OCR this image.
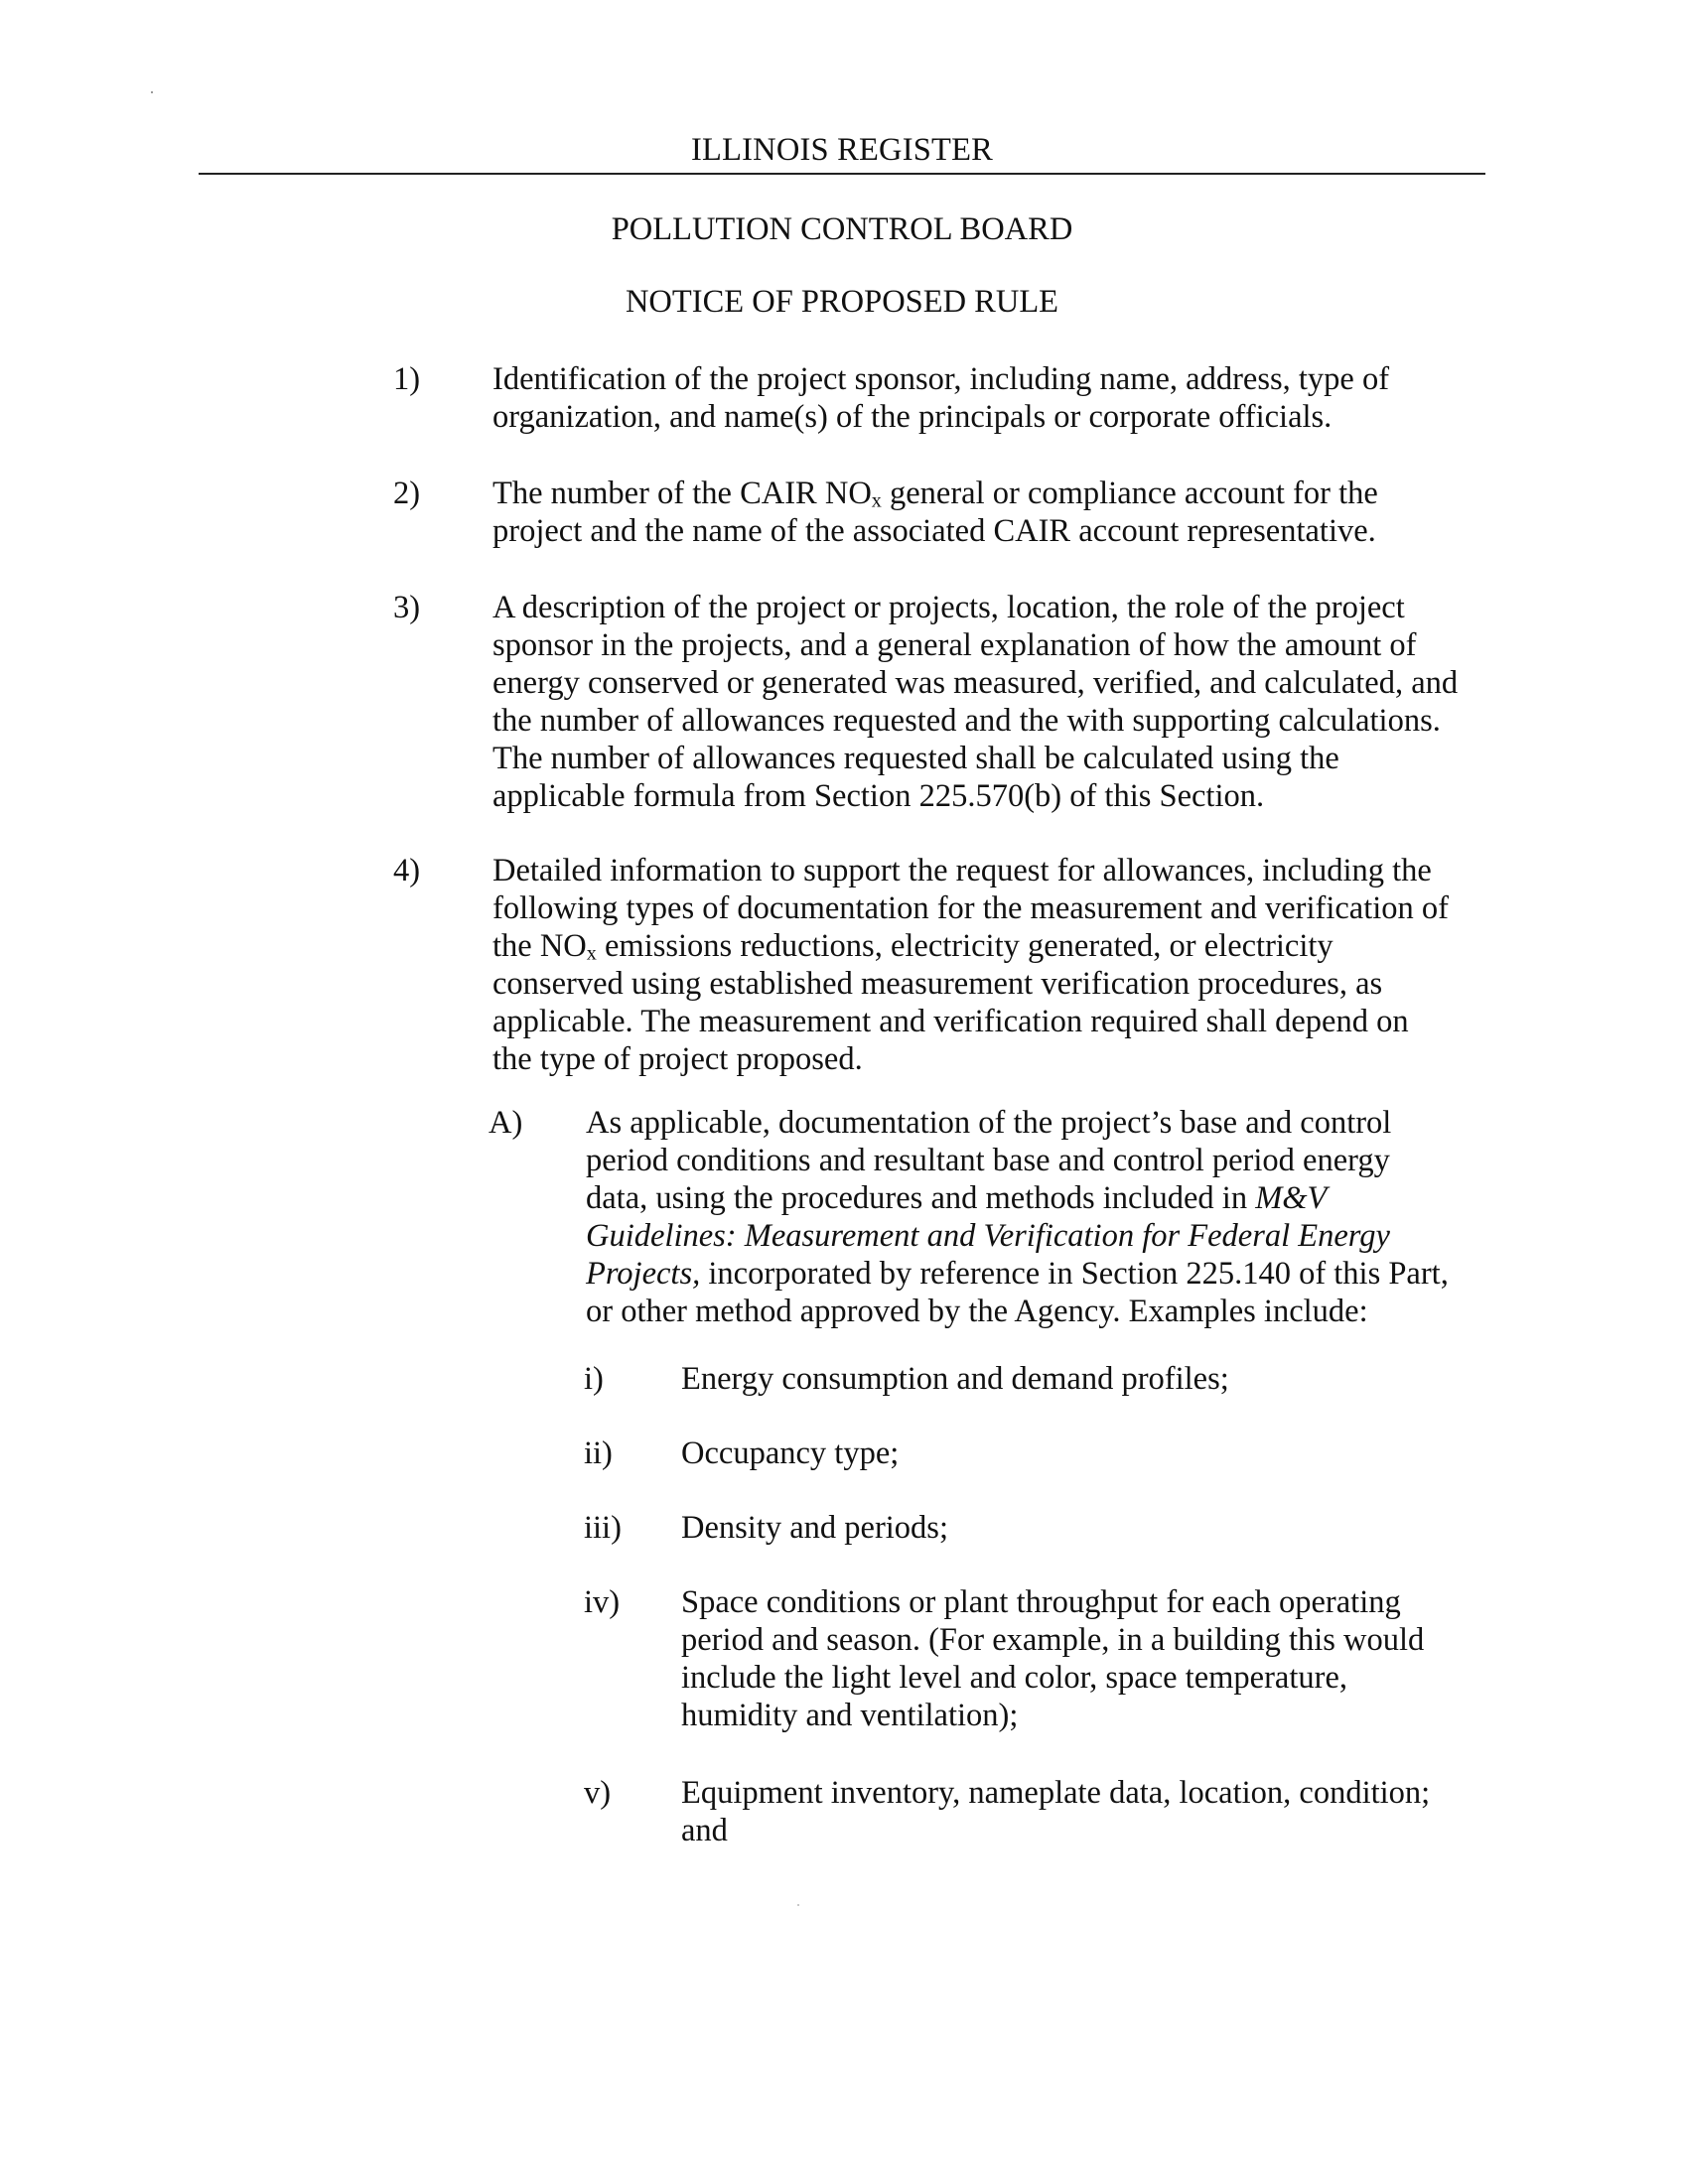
ILLINOIS REGISTER
POLLUTION CONTROL BOARD
NOTICE OF PROPOSED RULE
1) Identification of the project sponsor, including name, address, type of
organization, and name(s) of the principals or corporate officials.
2) The number of the CAIR $NO_x$ general or compliance account for the
project and the name of the associated CAIR account representative.
3) A description of the project or projects, location, the role of the project
sponsor in the projects, and a general explanation of how the amount of
energy conserved or generated was measured, verified, and calculated, and
the number of allowances requested and the with supporting calculations.
The number of allowances requested shall be calculated using the
applicable formula from Section 225.570(b) of this Section.
4) Detailed information to support the request for allowances, including the
following types of documentation for the measurement and verification of
the $NO_x$ emissions reductions, electricity generated, or electricity
conserved using established measurement verification procedures, as
applicable. The measurement and verification required shall depend on
the type of project proposed.
A) As applicable, documentation of the project’s base and control
period conditions and resultant base and control period energy
data, using the procedures and methods included in M&V
Guidelines: Measurement and Verification for Federal Energy
Projects, incorporated by reference in Section 225.140 of this Part,
or other method approved by the Agency. Examples include:
i) Energy consumption and demand profiles;
ii) Occupancy type;
iii) Density and periods;
iv) Space conditions or plant throughput for each operating
period and season. (For example, in a building this would
include the light level and color, space temperature,
humidity and ventilation);
v) Equipment inventory, nameplate data, location, condition;
and
